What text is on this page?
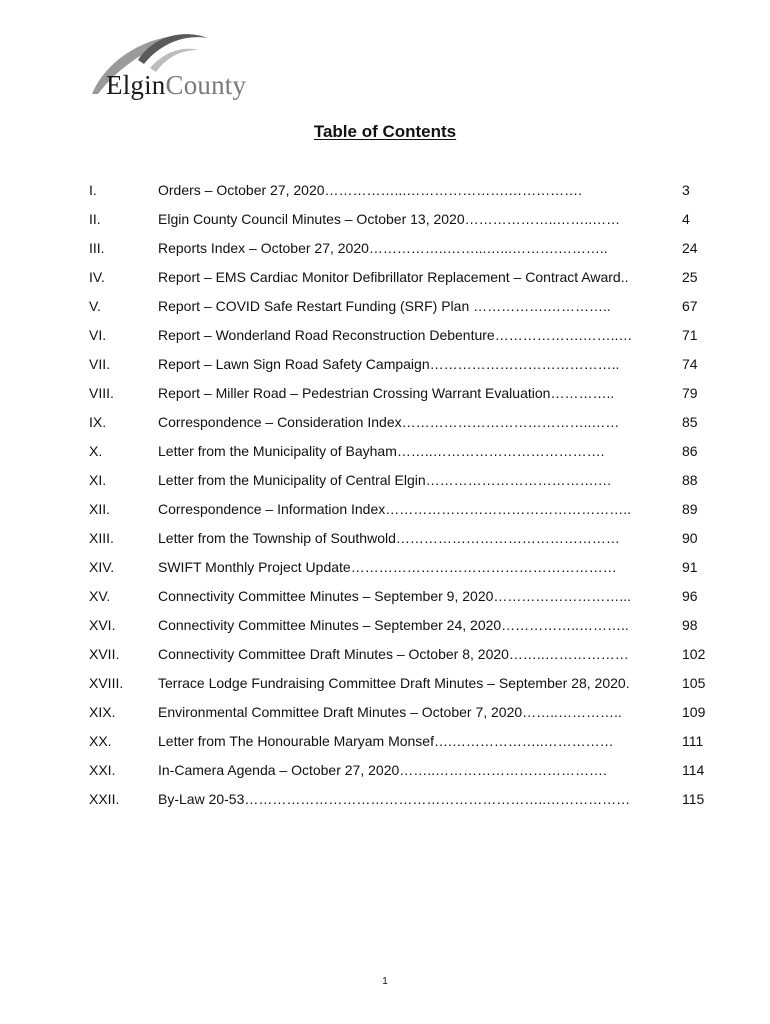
ElginCounty
Table of Contents
I.	Orders – October 27, 2020……………...………………….…………….	3
II.	Elgin County Council Minutes – October 13, 2020………………..……..……	4
III.	Reports Index – October 27, 2020……………..……...…...……….………..	24
IV.	Report – EMS Cardiac Monitor Defibrillator Replacement – Contract Award..	25
V.	Report – COVID Safe Restart Funding (SRF) Plan …………….…………..	67
VI.	Report – Wonderland Road Reconstruction Debenture……………….……..…	71
VII.	Report – Lawn Sign Road Safety Campaign…………………………………..	74
VIII.	Report – Miller Road – Pedestrian Crossing Warrant Evaluation…………..	79
IX.	Correspondence – Consideration Index…………………………………..……	85
X.	Letter from the Municipality of Bayham……..……………………………….	86
XI.	Letter from the Municipality of Central Elgin……………………………….…	88
XII.	Correspondence – Information Index……………………………………………..	89
XIII.	Letter from the Township of Southwold…………………………………………	90
XIV.	SWIFT Monthly Project Update…………………………………………………	91
XV.	Connectivity Committee Minutes – September 9, 2020………………………...	96
XVI.	Connectivity Committee Minutes – September 24, 2020……………..………..	98
XVII.	Connectivity Committee Draft Minutes – October 8, 2020……..………………	102
XVIII. Terrace Lodge Fundraising Committee Draft Minutes – September 28, 2020.	105
XIX.	Environmental Committee Draft Minutes – October 7, 2020……..…………..	109
XX.	Letter from The Honourable Maryam Monsef….………………..……………	111
XXI.	In-Camera Agenda – October 27, 2020……..……………………………….	114
XXII.	By-Law 20-53………………………………………………………..………………	115
1
